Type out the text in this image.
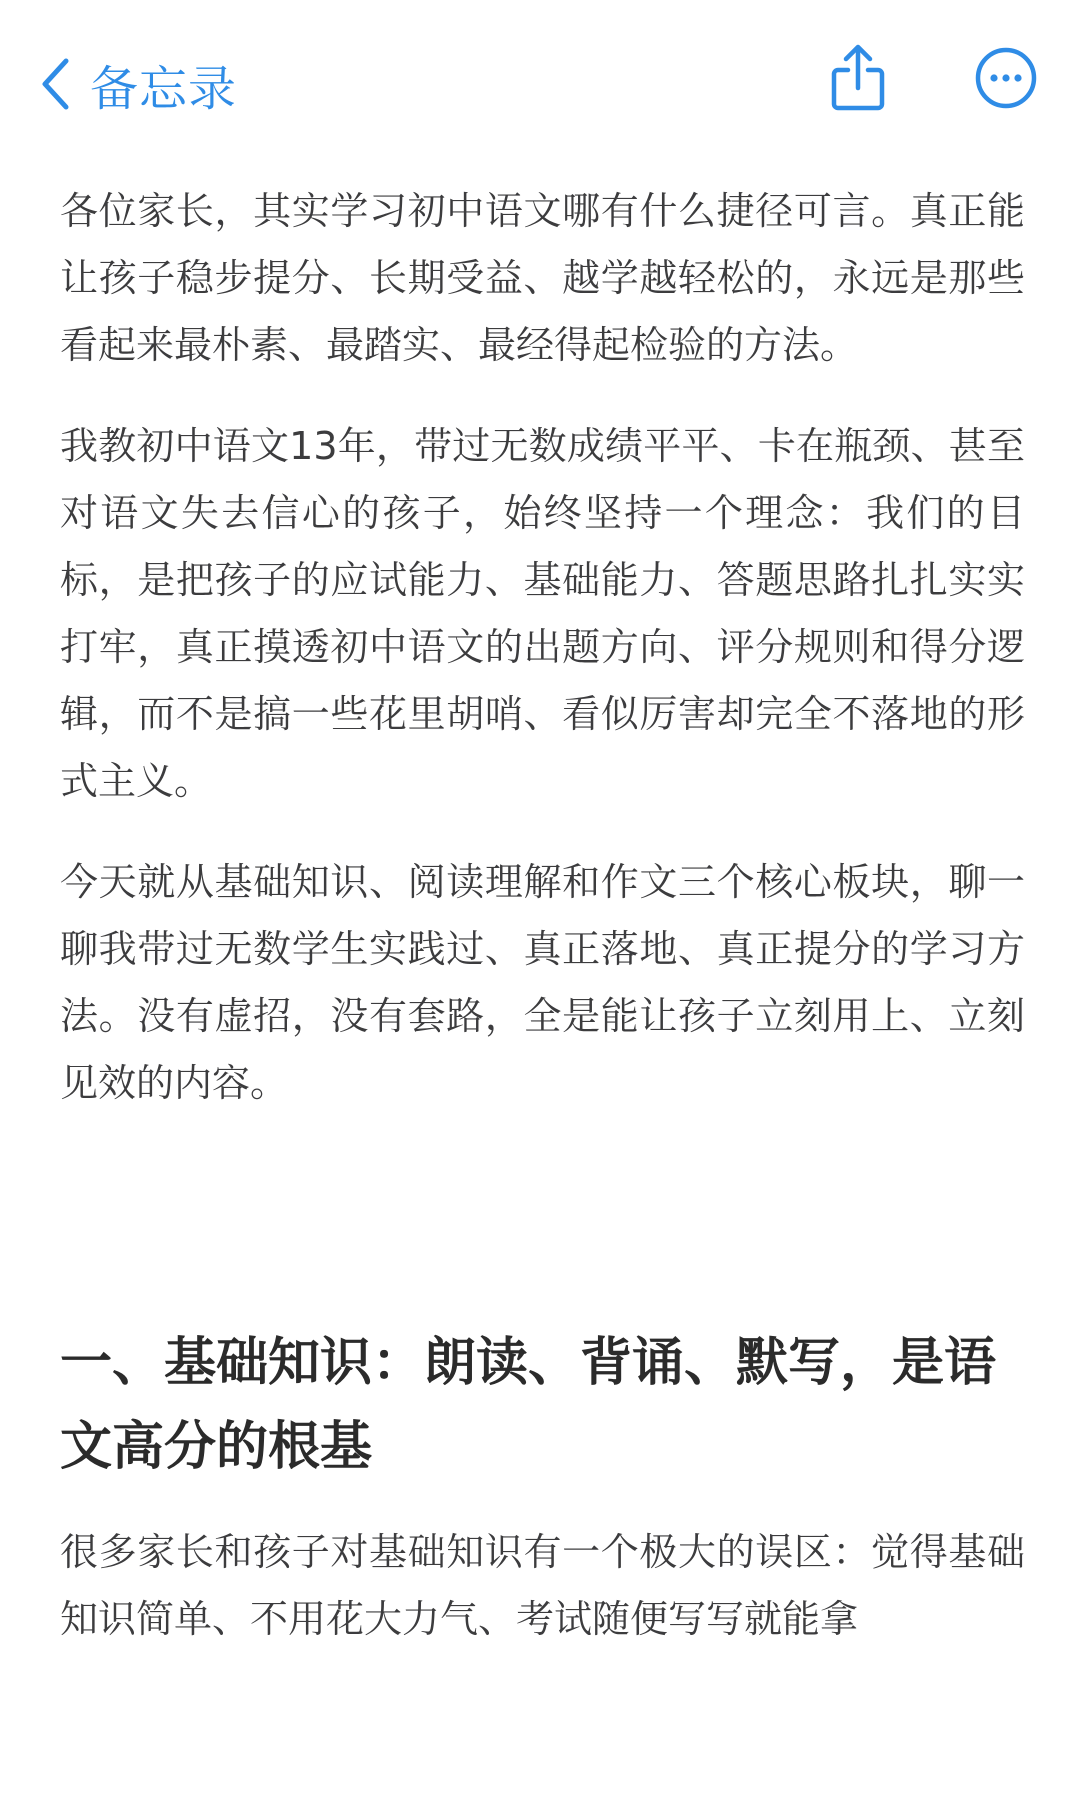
备忘录

各位家长，其实学习初中语文哪有什么捷径可言。真正能让孩子稳步提分、长期受益、越学越轻松的，永远是那些看起来最朴素、最踏实、最经得起检验的方法。

我教初中语文13年，带过无数成绩平平、卡在瓶颈、甚至对语文失去信心的孩子，始终坚持一个理念：我们的目标，是把孩子的应试能力、基础能力、答题思路扎扎实实打牢，真正摸透初中语文的出题方向、评分规则和得分逻辑，而不是搞一些花里胡哨、看似厉害却完全不落地的形式主义。

今天就从基础知识、阅读理解和作文三个核心板块，聊一聊我带过无数学生实践过、真正落地、真正提分的学习方法。没有虚招，没有套路，全是能让孩子立刻用上、立刻见效的内容。

一、基础知识：朗读、背诵、默写，是语文高分的根基

很多家长和孩子对基础知识有一个极大的误区：觉得基础知识简单、不用花大力气、考试随便写写就能拿
